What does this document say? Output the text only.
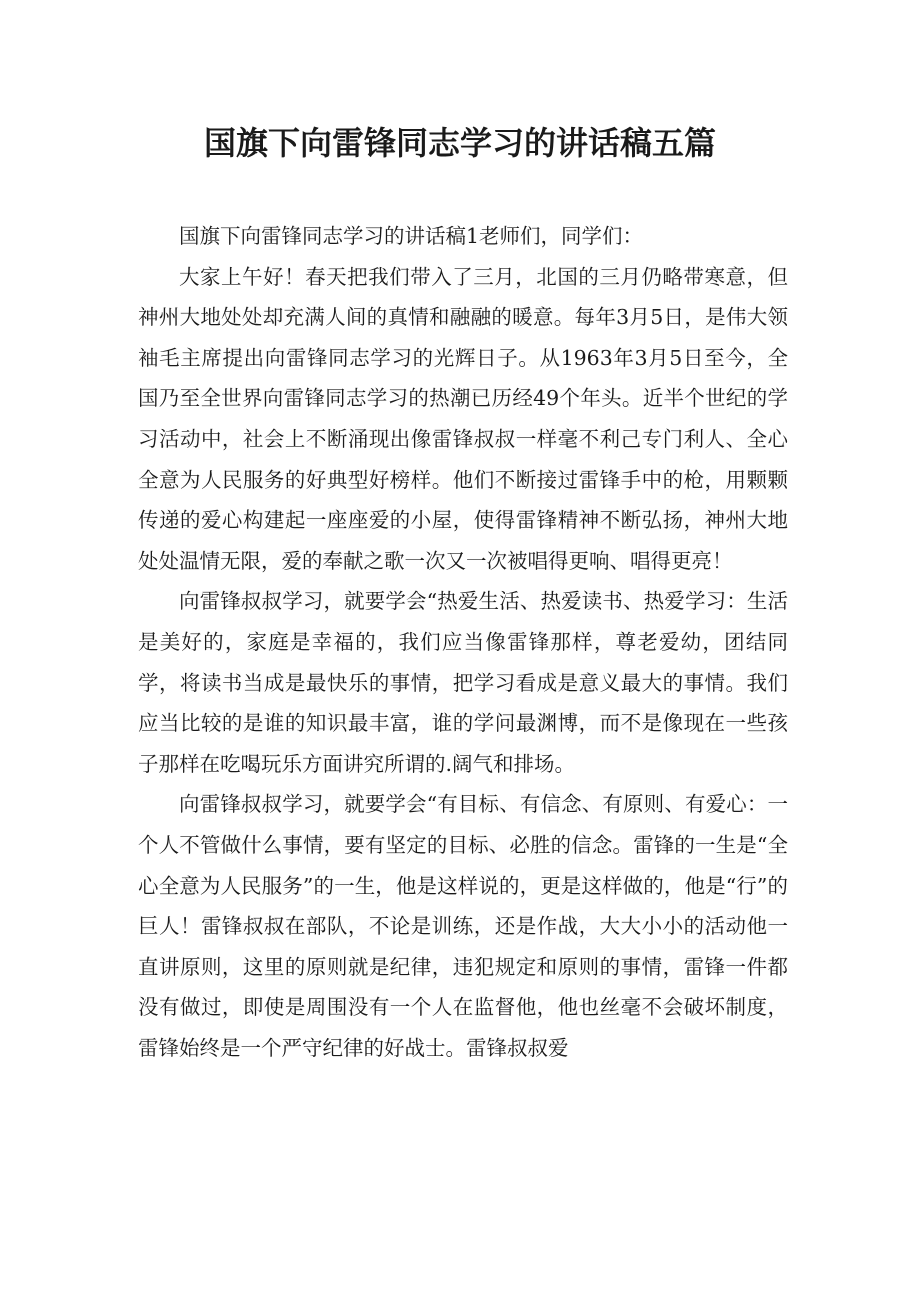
国旗下向雷锋同志学习的讲话稿五篇

国旗下向雷锋同志学习的讲话稿1老师们，同学们：

大家上午好！春天把我们带入了三月，北国的三月仍略带寒意，但神州大地处处却充满人间的真情和融融的暖意。每年3月5日，是伟大领袖毛主席提出向雷锋同志学习的光辉日子。从1963年3月5日至今，全国乃至全世界向雷锋同志学习的热潮已历经49个年头。近半个世纪的学习活动中，社会上不断涌现出像雷锋叔叔一样毫不利己专门利人、全心全意为人民服务的好典型好榜样。他们不断接过雷锋手中的枪，用颗颗传递的爱心构建起一座座爱的小屋，使得雷锋精神不断弘扬，神州大地处处温情无限，爱的奉献之歌一次又一次被唱得更响、唱得更亮！

向雷锋叔叔学习，就要学会“热爱生活、热爱读书、热爱学习：生活是美好的，家庭是幸福的，我们应当像雷锋那样，尊老爱幼，团结同学，将读书当成是最快乐的事情，把学习看成是意义最大的事情。我们应当比较的是谁的知识最丰富，谁的学问最渊博，而不是像现在一些孩子那样在吃喝玩乐方面讲究所谓的.阔气和排场。

向雷锋叔叔学习，就要学会“有目标、有信念、有原则、有爱心：一个人不管做什么事情，要有坚定的目标、必胜的信念。雷锋的一生是“全心全意为人民服务”的一生，他是这样说的，更是这样做的，他是“行”的巨人！雷锋叔叔在部队，不论是训练，还是作战，大大小小的活动他一直讲原则，这里的原则就是纪律，违犯规定和原则的事情，雷锋一件都没有做过，即使是周围没有一个人在监督他，他也丝毫不会破坏制度，雷锋始终是一个严守纪律的好战士。雷锋叔叔爱
